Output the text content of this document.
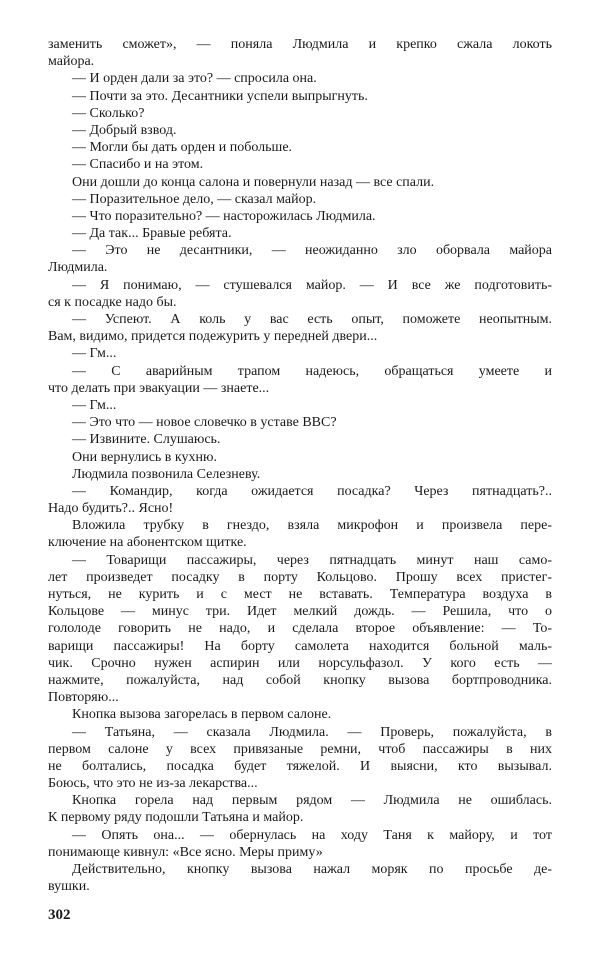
заменить сможет», — поняла Людмила и крепко сжала локоть
майора.
— И орден дали за это? — спросила она.
— Почти за это. Десантники успели выпрыгнуть.
— Сколько?
— Добрый взвод.
— Могли бы дать орден и побольше.
— Спасибо и на этом.
Они дошли до конца салона и повернули назад — все спали.
— Поразительное дело, — сказал майор.
— Что поразительно? — насторожилась Людмила.
— Да так... Бравые ребята.
— Это не десантники, — неожиданно зло оборвала майора
Людмила.
— Я понимаю, — стушевался майор. — И все же подготовить-
ся к посадке надо бы.
— Успеют. А коль у вас есть опыт, поможете неопытным.
Вам, видимо, придется подежурить у передней двери...
— Гм...
— С аварийным трапом надеюсь, обращаться умеете и
что делать при эвакуации — знаете...
— Гм...
— Это что — новое словечко в уставе ВВС?
— Извините. Слушаюсь.
Они вернулись в кухню.
Людмила позвонила Селезневу.
— Командир, когда ожидается посадка? Через пятнадцать?..
Надо будить?.. Ясно!
Вложила трубку в гнездо, взяла микрофон и произвела пере-
ключение на абонентском щитке.
— Товарищи пассажиры, через пятнадцать минут наш само-
лет произведет посадку в порту Кольцово. Прошу всех пристег-
нуться, не курить и с мест не вставать. Температура воздуха в
Кольцове — минус три. Идет мелкий дождь. — Решила, что о
гололоде говорить не надо, и сделала второе объявление: — То-
варищи пассажиры! На борту самолета находится больной маль-
чик. Срочно нужен аспирин или норсульфазол. У кого есть —
нажмите, пожалуйста, над собой кнопку вызова бортпроводника.
Повторяю...
Кнопка вызова загорелась в первом салоне.
— Татьяна, — сказала Людмила. — Проверь, пожалуйста, в
первом салоне у всех привязаные ремни, чтоб пассажиры в них
не болтались, посадка будет тяжелой. И выясни, кто вызывал.
Боюсь, что это не из-за лекарства...
Кнопка горела над первым рядом — Людмила не ошиблась.
К первому ряду подошли Татьяна и майор.
— Опять она... — обернулась на ходу Таня к майору, и тот
понимающе кивнул: «Все ясно. Меры приму»
Действительно, кнопку вызова нажал моряк по просьбе де-
вушки.
302
